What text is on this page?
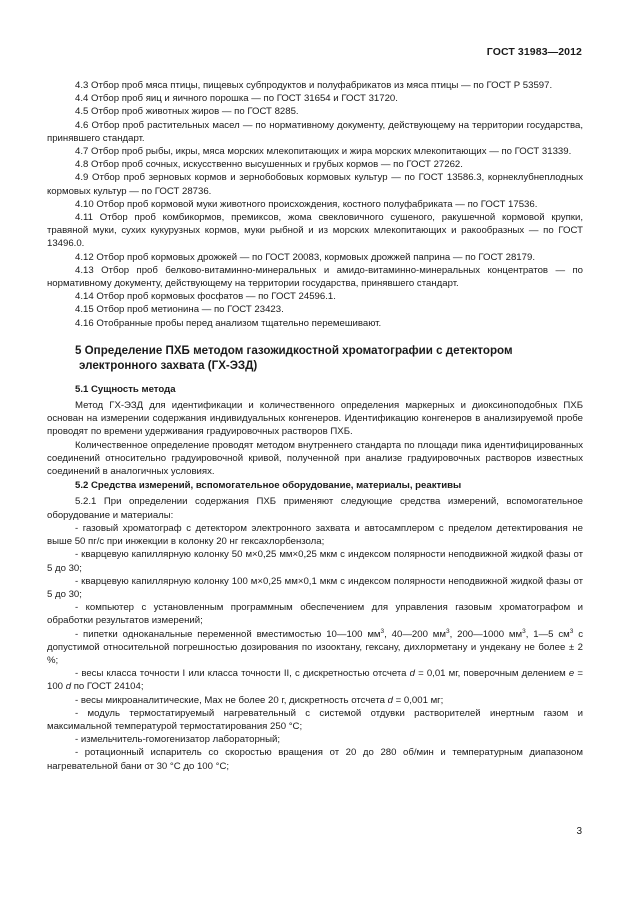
ГОСТ 31983—2012

4.3 Отбор проб мяса птицы, пищевых субпродуктов и полуфабрикатов из мяса птицы — по ГОСТ Р 53597.

4.4 Отбор проб яиц и яичного порошка — по ГОСТ 31654 и ГОСТ 31720.

4.5 Отбор проб животных жиров — по ГОСТ 8285.

4.6 Отбор проб растительных масел — по нормативному документу, действующему на территории государства, принявшего стандарт.

4.7 Отбор проб рыбы, икры, мяса морских млекопитающих и жира морских млекопитающих — по ГОСТ 31339.

4.8 Отбор проб сочных, искусственно высушенных и грубых кормов — по ГОСТ 27262.

4.9 Отбор проб зерновых кормов и зернобобовых кормовых культур — по ГОСТ 13586.3, корнеклубнеплодных кормовых культур — по ГОСТ 28736.

4.10 Отбор проб кормовой муки животного происхождения, костного полуфабриката — по ГОСТ 17536.

4.11 Отбор проб комбикормов, премиксов, жома свекловичного сушеного, ракушечной кормовой крупки, травяной муки, сухих кукурузных кормов, муки рыбной и из морских млекопитающих и ракообразных — по ГОСТ 13496.0.

4.12 Отбор проб кормовых дрожжей — по ГОСТ 20083, кормовых дрожжей паприна — по ГОСТ 28179.

4.13 Отбор проб белково-витаминно-минеральных и амидо-витаминно-минеральных концентратов — по нормативному документу, действующему на территории государства, принявшего стандарт.

4.14 Отбор проб кормовых фосфатов — по ГОСТ 24596.1.

4.15 Отбор проб метионина — по ГОСТ 23423.

4.16 Отобранные пробы перед анализом тщательно перемешивают.

5 Определение ПХБ методом газожидкостной хроматографии с детектором
электронного захвата (ГХ-ЭЗД)
5.1 Сущность метода

Метод ГХ-ЭЗД для идентификации и количественного определения маркерных и диоксиноподобных ПХБ основан на измерении содержания индивидуальных конгенеров. Идентификацию конгенеров в анализируемой пробе проводят по времени удерживания градуировочных растворов ПХБ.

Количественное определение проводят методом внутреннего стандарта по площади пика идентифицированных соединений относительно градуировочной кривой, полученной при анализе градуировочных растворов известных соединений в аналогичных условиях.

5.2 Средства измерений, вспомогательное оборудование, материалы, реактивы

5.2.1 При определении содержания ПХБ применяют следующие средства измерений, вспомогательное оборудование и материалы:

- газовый хроматограф с детектором электронного захвата и автосамплером с пределом детектирования не выше 50 пг/с при инжекции в колонку 20 нг гексахлорбензола;

- кварцевую капиллярную колонку 50 м×0,25 мм×0,25 мкм с индексом полярности неподвижной жидкой фазы от 5 до 30;

- кварцевую капиллярную колонку 100 м×0,25 мм×0,1 мкм с индексом полярности неподвижной жидкой фазы от 5 до 30;

- компьютер с установленным программным обеспечением для управления газовым хроматографом и обработки результатов измерений;

- пипетки одноканальные переменной вместимостью 10—100 $мм^3$, 40—200 $мм^3$, 200—1000 $мм^3$, 1—5 $см^3$ с допустимой относительной погрешностью дозирования по изооктану, гексану, дихлорметану и ундекану не более ± 2 %;

- весы класса точности I или класса точности II, с дискретностью отсчета d = 0,01 мг, поверочным делением e = 100 d по ГОСТ 24104;

- весы микроаналитические, Max не более 20 г, дискретность отсчета d = 0,001 мг;

- модуль термостатируемый нагревательный с системой отдувки растворителей инертным газом и максимальной температурой термостатирования 250 °С;

- измельчитель-гомогенизатор лабораторный;

- ротационный испаритель со скоростью вращения от 20 до 280 об/мин и температурным диапазоном нагревательной бани от 30 °С до 100 °С;

3
